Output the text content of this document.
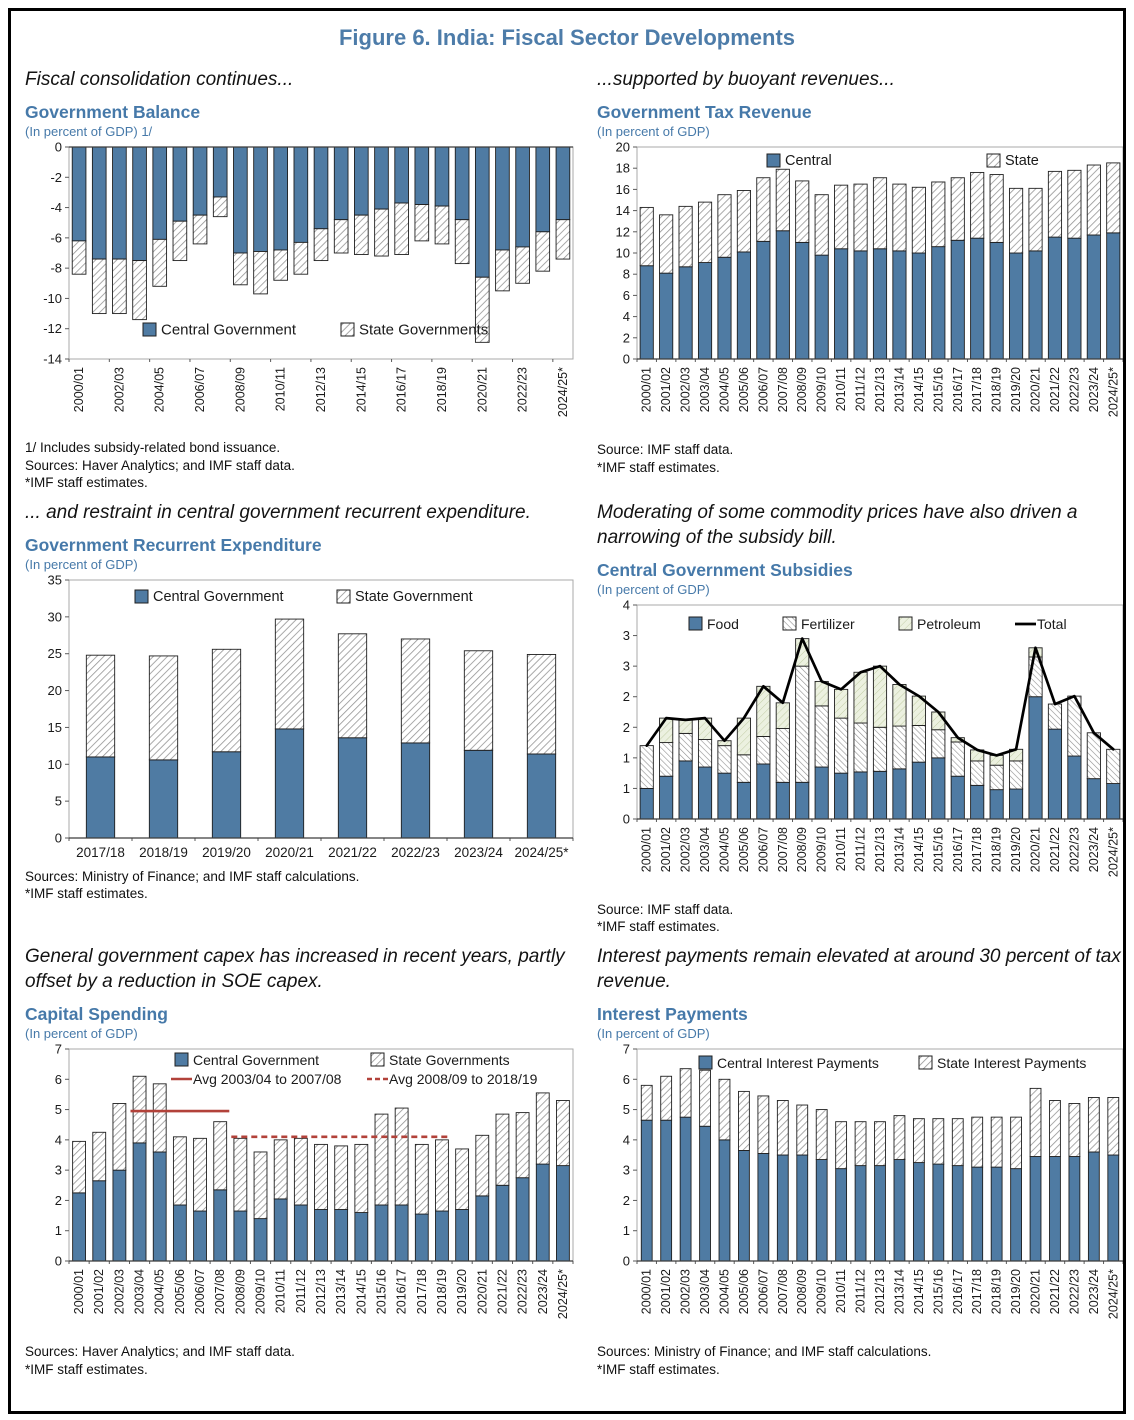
Figure 6. India: Fiscal Sector Developments

Fiscal consolidation continues...

Government Balance
(In percent of GDP) 1/
0
-2
-4
-6
-8
-10
-12
-14
2000/01 2002/03 2004/05 2006/07 2008/09 2010/11 2012/13 2014/15 2016/17 2018/19 2020/21 2022/23 2024/25*
Central Government	State Governments
1/ Includes subsidy-related bond issuance.
Sources: Haver Analytics; and IMF staff data.
*IMF staff estimates.

...supported by buoyant revenues...

Government Tax Revenue
(In percent of GDP)
0
2
4
6
8
10
12
14
16
18
20
2000/01 2001/02 2002/03 2003/04 2004/05 2005/06 2006/07 2007/08 2008/09 2009/10 2010/11 2011/12 2012/13 2013/14 2014/15 2015/16 2016/17 2017/18 2018/19 2019/20 2020/21 2021/22 2022/23 2023/24 2024/25*
Central	State
Source: IMF staff data.
*IMF staff estimates.

... and restraint in central government recurrent expenditure.

Government Recurrent Expenditure
(In percent of GDP)
0
5
10
15
20
25
30
35
2017/18 2018/19 2019/20 2020/21 2021/22 2022/23 2023/24 2024/25*
Central Government	State Government
Sources: Ministry of Finance; and IMF staff calculations.
*IMF staff estimates.

Moderating of some commodity prices have also driven a narrowing of the subsidy bill.

Central Government Subsidies
(In percent of GDP)
0
1
1
2
2
3
3
4
2000/01 2001/02 2002/03 2003/04 2004/05 2005/06 2006/07 2007/08 2008/09 2009/10 2010/11 2011/12 2012/13 2013/14 2014/15 2015/16 2016/17 2017/18 2018/19 2019/20 2020/21 2021/22 2022/23 2023/24 2024/25*
Food	Fertilizer	Petroleum	Total
Source: IMF staff data.
*IMF staff estimates.

General government capex has increased in recent years, partly offset by a reduction in SOE capex.

Capital Spending
(In percent of GDP)
0
1
2
3
4
5
6
7
2000/01 2001/02 2002/03 2003/04 2004/05 2005/06 2006/07 2007/08 2008/09 2009/10 2010/11 2011/12 2012/13 2013/14 2014/15 2015/16 2016/17 2017/18 2018/19 2019/20 2020/21 2021/22 2022/23 2023/24 2024/25*
Central Government	State Governments
Avg 2003/04 to 2007/08	Avg 2008/09 to 2018/19
Sources: Haver Analytics; and IMF staff data.
*IMF staff estimates.

Interest payments remain elevated at around 30 percent of tax revenue.

Interest Payments
(In percent of GDP)
0
1
2
3
4
5
6
7
2000/01 2001/02 2002/03 2003/04 2004/05 2005/06 2006/07 2007/08 2008/09 2009/10 2010/11 2011/12 2012/13 2013/14 2014/15 2015/16 2016/17 2017/18 2018/19 2019/20 2020/21 2021/22 2022/23 2023/24 2024/25*
Central Interest Payments	State Interest Payments
Sources: Ministry of Finance; and IMF staff calculations.
*IMF staff estimates.
